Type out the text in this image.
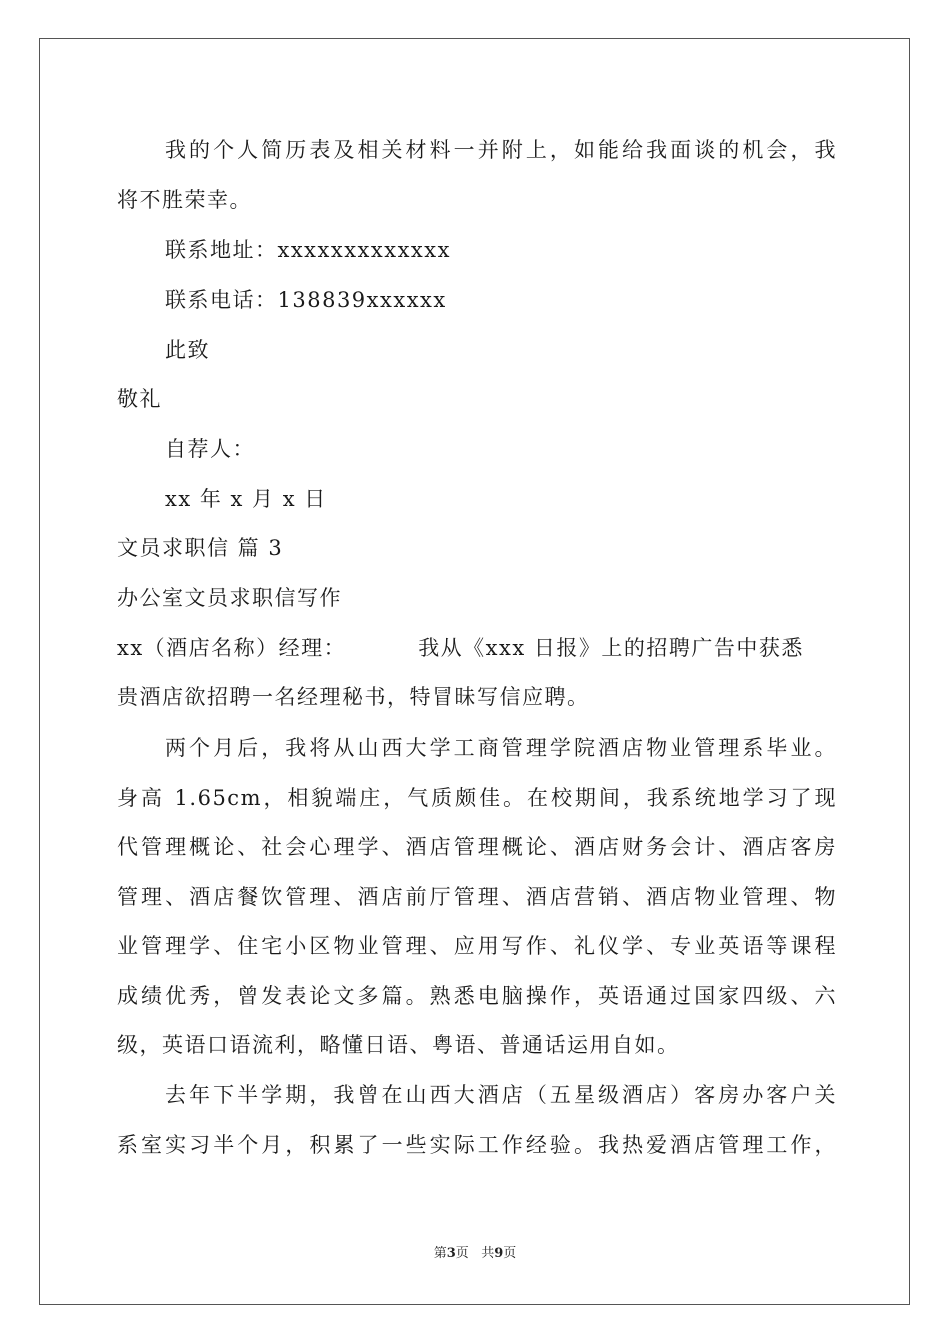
我的个人简历表及相关材料一并附上，如能给我面谈的机会，我
将不胜荣幸。
联系地址：xxxxxxxxxxxxx
联系电话：138839xxxxxx
此致
敬礼
自荐人：
xx 年 x 月 x 日
文员求职信 篇 3
办公室文员求职信写作
xx（酒店名称）经理：	我从《xxx 日报》上的招聘广告中获悉
贵酒店欲招聘一名经理秘书，特冒昧写信应聘。
两个月后，我将从山西大学工商管理学院酒店物业管理系毕业。
身高 1.65cm，相貌端庄，气质颇佳。在校期间，我系统地学习了现
代管理概论、社会心理学、酒店管理概论、酒店财务会计、酒店客房
管理、酒店餐饮管理、酒店前厅管理、酒店营销、酒店物业管理、物
业管理学、住宅小区物业管理、应用写作、礼仪学、专业英语等课程
成绩优秀，曾发表论文多篇。熟悉电脑操作，英语通过国家四级、六
级，英语口语流利，略懂日语、粤语、普通话运用自如。
去年下半学期，我曾在山西大酒店（五星级酒店）客房办客户关
系室实习半个月，积累了一些实际工作经验。我热爱酒店管理工作，
第3页 共9页
